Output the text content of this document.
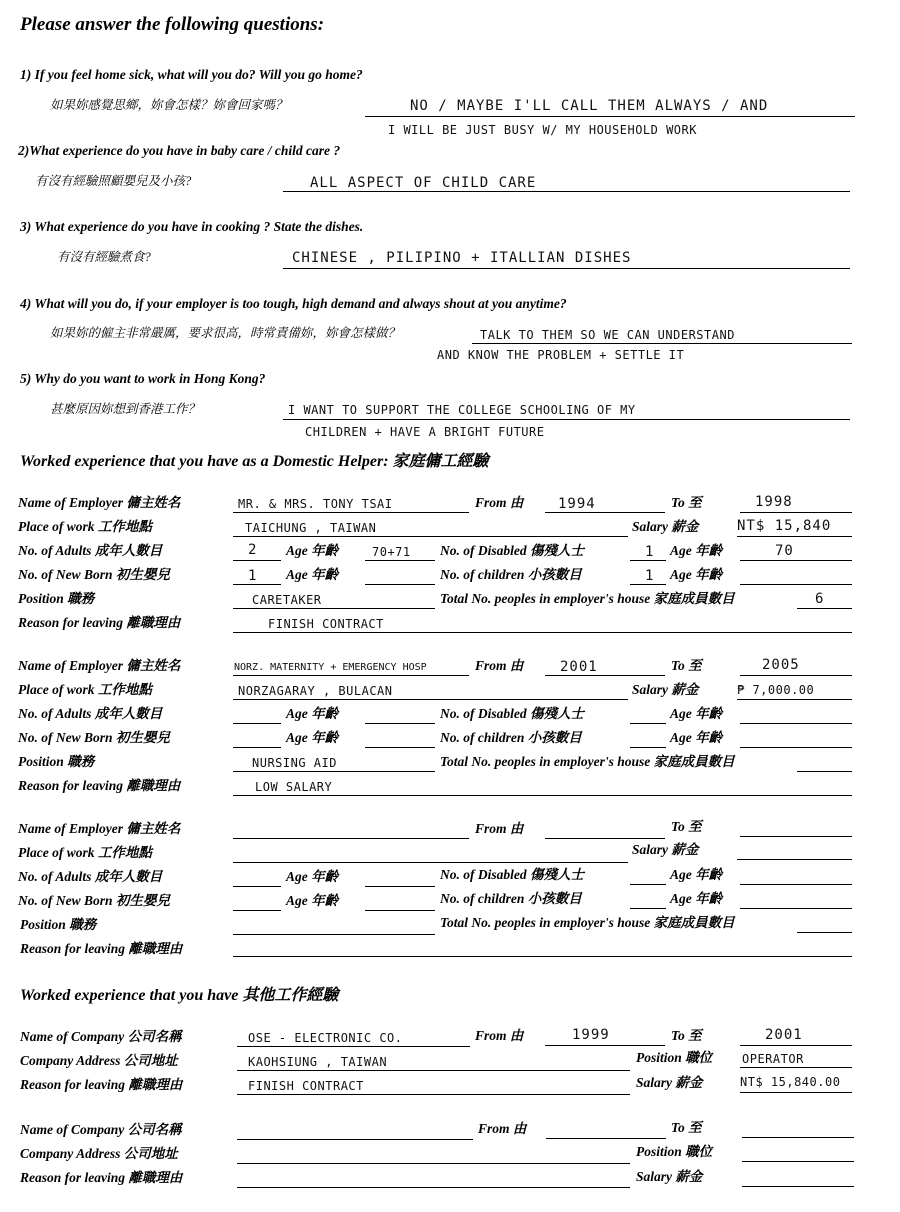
Please answer the following questions:
1) If you feel home sick, what will you do? Will you go home?
如果妳感覺思鄉，妳會怎樣？妳會回家嗎？	NO / MAYBE I'LL CALL THEM ALWAYS / AND
I WILL BE JUST BUSY W/ MY HOUSEHOLD WORK
2)What experience do you have in baby care / child care ?
有沒有經驗照顧嬰兒及小孩?	ALL ASPECT OF CHILD CARE
3) What experience do you have in cooking ? State the dishes.
有沒有經驗煮食?	CHINESE , PILIPINO + ITALLIAN DISHES
4) What will you do, if your employer is too tough, high demand and always shout at you anytime?
如果妳的僱主非常嚴厲，要求很高，時常責備妳，妳會怎樣做？	TALK TO THEM SO WE CAN UNDERSTAND
AND KNOW THE PROBLEM + SETTLE IT
5) Why do you want to work in Hong Kong?
甚麼原因妳想到香港工作？	I WANT TO SUPPORT THE COLLEGE SCHOOLING OF MY
CHILDREN + HAVE A BRIGHT FUTURE
Worked experience that you have as a Domestic Helper: 家庭傭工經驗
Name of Employer 傭主姓名	MR. & MRS. TONY TSAI	From 由 1994	To 至	1998
Place of work 工作地點	TAICHUNG , TAIWAN	Salary 薪金	NT$ 15,840
No. of Adults 成年人數目	2 Age 年齡	70+71 No. of Disabled 傷殘人士	1 Age 年齡	70
No. of New Born 初生嬰兒	1 Age 年齡	No. of children 小孩數目	1 Age 年齡
Position 職務	CARETAKER	Total No. peoples in employer's house 家庭成員數目	6
Reason for leaving 離職理由	FINISH CONTRACT
Name of Employer 傭主姓名	NORZ. MATERNITY + EMERGENCY HOSP	From 由	2001	To 至	2005
Place of work 工作地點	NORZAGARAY , BULACAN	Salary 薪金	₱ 7,000.00
No. of Adults 成年人數目	Age 年齡	No. of Disabled 傷殘人士	Age 年齡
No. of New Born 初生嬰兒	Age 年齡	No. of children 小孩數目	Age 年齡
Position 職務	NURSING AID	Total No. peoples in employer's house 家庭成員數目
Reason for leaving 離職理由	LOW SALARY
Name of Employer 傭主姓名	From 由	To 至
Place of work 工作地點	Salary 薪金
No. of Adults 成年人數目	Age 年齡	No. of Disabled 傷殘人士	Age 年齡
No. of New Born 初生嬰兒	Age 年齡	No. of children 小孩數目	Age 年齡
Position 職務	Total No. peoples in employer's house 家庭成員數目
Reason for leaving 離職理由
Worked experience that you have 其他工作經驗
Name of Company 公司名稱	OSE - ELECTRONIC CO.	From 由	1999	To 至	2001
Company Address 公司地址	KAOHSIUNG , TAIWAN	Position 職位 OPERATOR
Reason for leaving 離職理由	FINISH CONTRACT	Salary 薪金	NT$ 15,840.00
Name of Company 公司名稱	From 由	To 至
Company Address 公司地址	Position 職位
Reason for leaving 離職理由	Salary 薪金
